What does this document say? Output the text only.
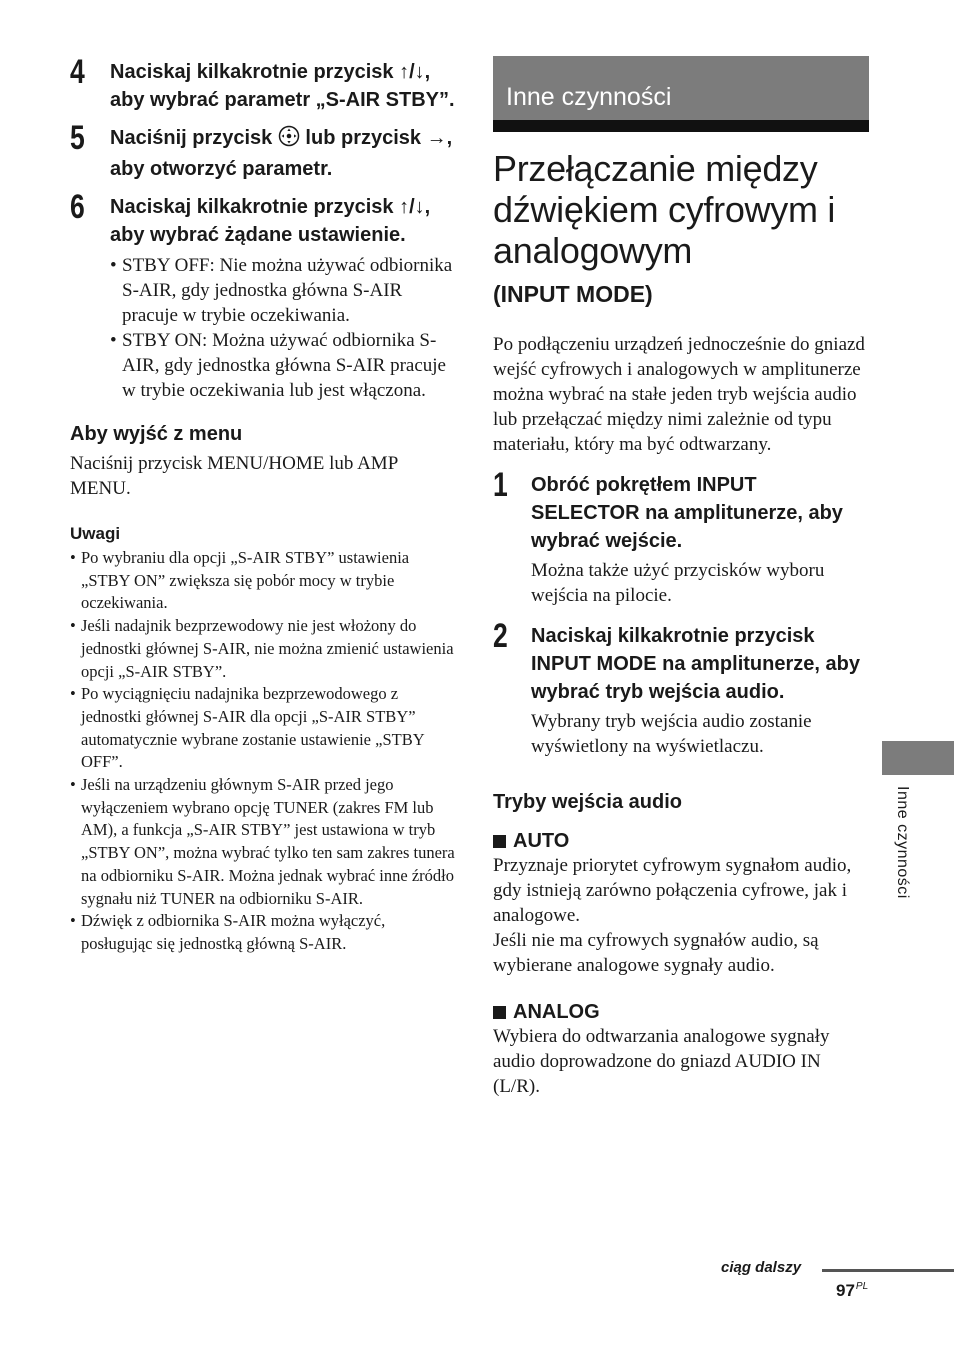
4 Naciskaj kilkakrotnie przycisk ↑/↓, aby wybrać parametr „S-AIR STBY”.
5 Naciśnij przycisk  lub przycisk →, aby otworzyć parametr.
6 Naciskaj kilkakrotnie przycisk ↑/↓, aby wybrać żądane ustawienie.
• STBY OFF: Nie można używać odbiornika S-AIR, gdy jednostka główna S-AIR pracuje w trybie oczekiwania.
• STBY ON: Można używać odbiornika S-AIR, gdy jednostka główna S-AIR pracuje w trybie oczekiwania lub jest włączona.
Aby wyjść z menu

Naciśnij przycisk MENU/HOME lub AMP MENU.

Uwagi
• Po wybraniu dla opcji „S-AIR STBY” ustawienia „STBY ON” zwiększa się pobór mocy w trybie oczekiwania.
• Jeśli nadajnik bezprzewodowy nie jest włożony do jednostki głównej S-AIR, nie można zmienić ustawienia opcji „S-AIR STBY”.
• Po wyciągnięciu nadajnika bezprzewodowego z jednostki głównej S-AIR dla opcji „S-AIR STBY” automatycznie wybrane zostanie ustawienie „STBY OFF”.
• Jeśli na urządzeniu głównym S-AIR przed jego wyłączeniem wybrano opcję TUNER (zakres FM lub AM), a funkcja „S-AIR STBY” jest ustawiona w tryb „STBY ON”, można wybrać tylko ten sam zakres tunera na odbiorniku S-AIR. Można jednak wybrać inne źródło sygnału niż TUNER na odbiorniku S-AIR.
• Dźwięk z odbiornika S-AIR można wyłączyć, posługując się jednostką główną S-AIR.
Inne czynności
Przełączanie między dźwiękiem cyfrowym i analogowym
(INPUT MODE)

Po podłączeniu urządzeń jednocześnie do gniazd wejść cyfrowych i analogowych w amplitunerze można wybrać na stałe jeden tryb wejścia audio lub przełączać między nimi zależnie od typu materiału, który ma być odtwarzany.

1 Obróć pokrętłem INPUT SELECTOR na amplitunerze, aby wybrać wejście.
Można także użyć przycisków wyboru wejścia na pilocie.
2 Naciskaj kilkakrotnie przycisk INPUT MODE na amplitunerze, aby wybrać tryb wejścia audio.
Wybrany tryb wejścia audio zostanie wyświetlony na wyświetlaczu.
Tryby wejścia audio
AUTO

Przyznaje priorytet cyfrowym sygnałom audio, gdy istnieją zarówno połączenia cyfrowe, jak i analogowe.

Jeśli nie ma cyfrowych sygnałów audio, są wybierane analogowe sygnały audio.

ANALOG

Wybiera do odtwarzania analogowe sygnały audio doprowadzone do gniazd AUDIO IN (L/R).

Inne czynności
ciąg dalszy
$97^{PL}$
